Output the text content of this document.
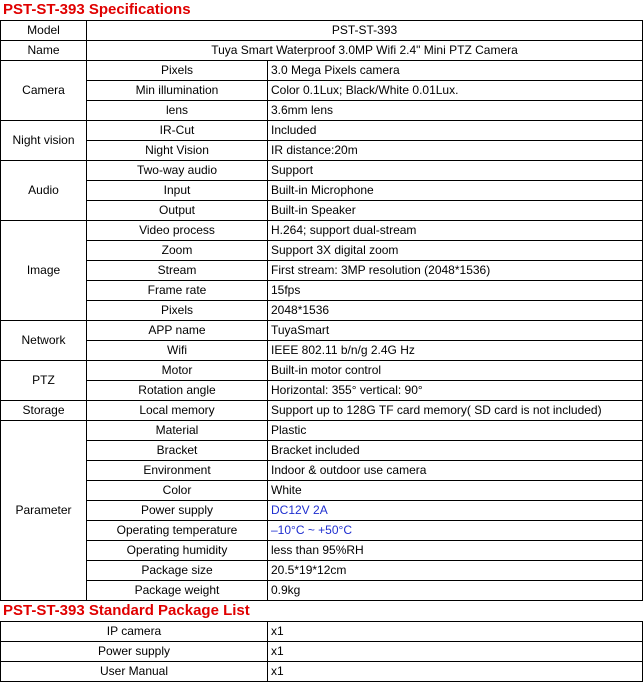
PST-ST-393 Specifications
Model	PST-ST-393	
Name	Tuya Smart Waterproof 3.0MP Wifi 2.4" Mini PTZ Camera	
Camera	Pixels	3.0 Mega Pixels camera
	Min illumination	Color 0.1Lux; Black/White 0.01Lux.
	lens	3.6mm lens
Night vision	IR-Cut	Included
	Night Vision	IR distance:20m
Audio	Two-way audio	Support
	Input	Built-in Microphone
	Output	Built-in Speaker
Image	Video process	H.264; support dual-stream
	Zoom	Support 3X digital zoom
	Stream	First stream: 3MP resolution (2048*1536)
	Frame rate	15fps
	Pixels	2048*1536
Network	APP name	TuyaSmart
	Wifi	IEEE 802.11 b/n/g 2.4G Hz
PTZ	Motor	Built-in motor control
	Rotation angle	Horizontal: 355° vertical: 90°
Storage	Local memory	Support up to 128G TF card memory( SD card is not included)
Parameter	Material	Plastic
	Bracket	Bracket included
	Environment	Indoor & outdoor use camera
	Color	White
	Power supply	DC12V 2A
	Operating temperature	–10°C ~ +50°C
	Operating humidity	less than 95%RH
	Package size	20.5*19*12cm
	Package weight	0.9kg
PST-ST-393 Standard Package List
IP camera	x1
Power supply	x1
User Manual	x1
